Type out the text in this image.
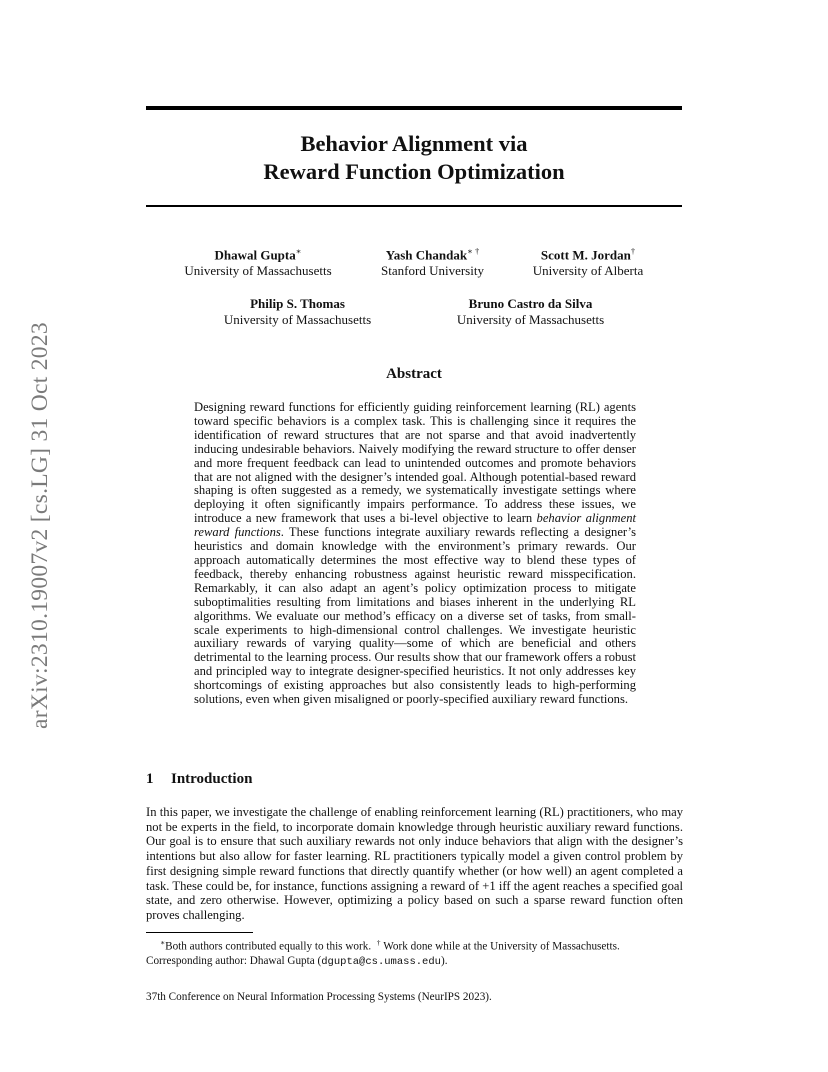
arXiv:2310.19007v2 [cs.LG] 31 Oct 2023
Behavior Alignment via
Reward Function Optimization
Dhawal Gupta∗
University of Massachusetts
Yash Chandak∗ †
Stanford University
Scott M. Jordan†
University of Alberta
Philip S. Thomas
University of Massachusetts
Bruno Castro da Silva
University of Massachusetts
Abstract
Designing reward functions for efficiently guiding reinforcement learning (RL) agents toward specific behaviors is a complex task. This is challenging since it requires the identification of reward structures that are not sparse and that avoid inadvertently inducing undesirable behaviors. Naively modifying the reward structure to offer denser and more frequent feedback can lead to unintended outcomes and promote behaviors that are not aligned with the designer’s intended goal. Although potential-based reward shaping is often suggested as a remedy, we systematically investigate settings where deploying it often significantly impairs performance. To address these issues, we introduce a new framework that uses a bi-level objective to learn behavior alignment reward functions. These functions integrate auxiliary rewards reflecting a designer’s heuristics and domain knowledge with the environment’s primary rewards. Our approach automatically determines the most effective way to blend these types of feedback, thereby enhancing robustness against heuristic reward misspecification. Remarkably, it can also adapt an agent’s policy optimization process to mitigate suboptimalities resulting from limitations and biases inherent in the underlying RL algorithms. We evaluate our method’s efficacy on a diverse set of tasks, from small-scale experiments to high-dimensional control challenges. We investigate heuristic auxiliary rewards of varying quality—some of which are beneficial and others detrimental to the learning process. Our results show that our framework offers a robust and principled way to integrate designer-specified heuristics. It not only addresses key shortcomings of existing approaches but also consistently leads to high-performing solutions, even when given misaligned or poorly-specified auxiliary reward functions.
1 Introduction
In this paper, we investigate the challenge of enabling reinforcement learning (RL) practitioners, who may not be experts in the field, to incorporate domain knowledge through heuristic auxiliary reward functions. Our goal is to ensure that such auxiliary rewards not only induce behaviors that align with the designer’s intentions but also allow for faster learning. RL practitioners typically model a given control problem by first designing simple reward functions that directly quantify whether (or how well) an agent completed a task. These could be, for instance, functions assigning a reward of +1 iff the agent reaches a specified goal state, and zero otherwise. However, optimizing a policy based on such a sparse reward function often proves challenging.
∗Both authors contributed equally to this work. † Work done while at the University of Massachusetts.
Corresponding author: Dhawal Gupta (dgupta@cs.umass.edu).
37th Conference on Neural Information Processing Systems (NeurIPS 2023).
